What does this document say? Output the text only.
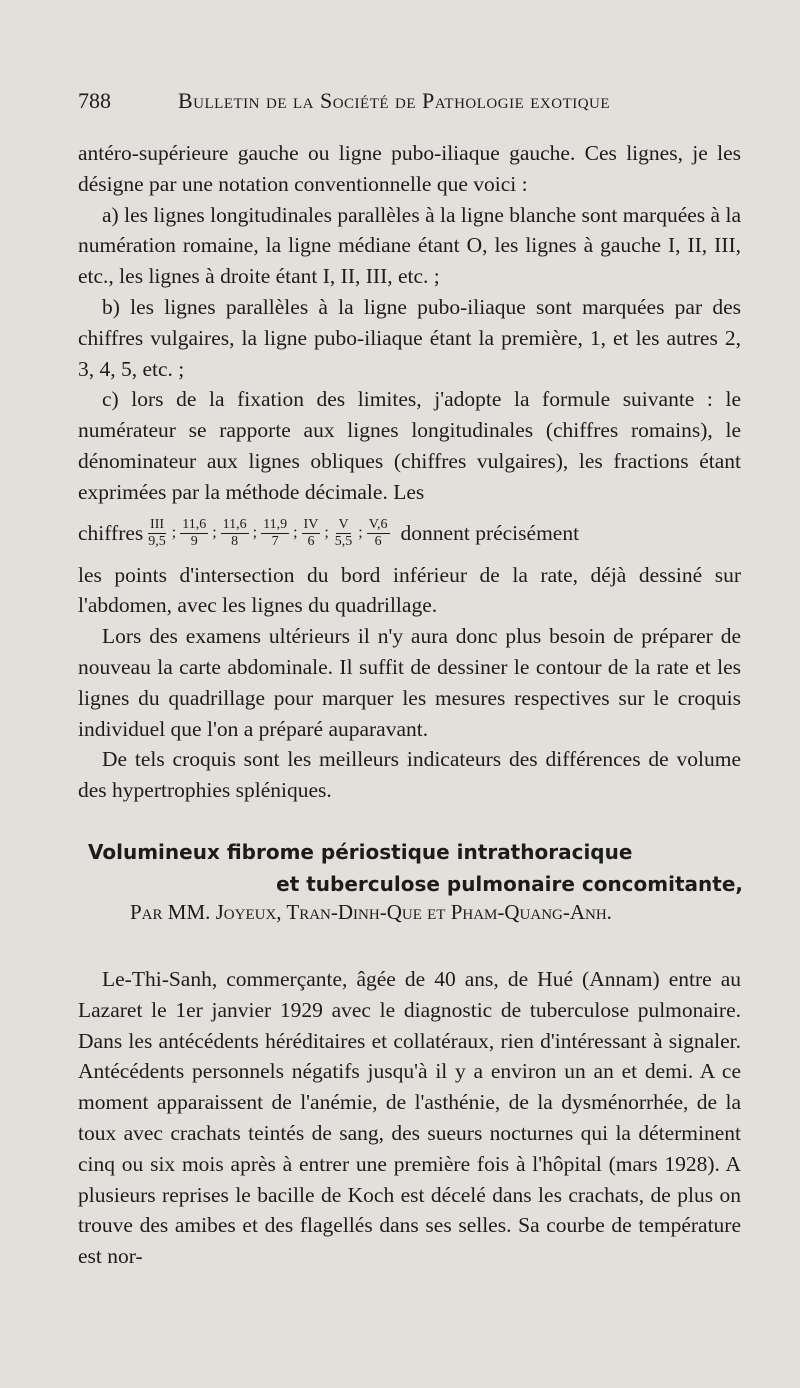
788	Bulletin de la Société de Pathologie exotique

antéro-supérieure gauche ou ligne pubo-iliaque gauche. Ces lignes, je les désigne par une notation conventionnelle que voici :

a) les lignes longitudinales parallèles à la ligne blanche sont marquées à la numération romaine, la ligne médiane étant O, les lignes à gauche I, II, III, etc., les lignes à droite étant I, II, III, etc. ;

b) les lignes parallèles à la ligne pubo-iliaque sont marquées par des chiffres vulgaires, la ligne pubo-iliaque étant la première, 1, et les autres 2, 3, 4, 5, etc. ;

c) lors de la fixation des limites, j'adopte la formule suivante : le numérateur se rapporte aux lignes longitudinales (chiffres romains), le dénominateur aux lignes obliques (chiffres vulgaires), les fractions étant exprimées par la méthode décimale. Les

chiffres $\frac{\text{III}}{9,5}$ ; $\frac{11,6}{9}$ ; $\frac{11,6}{8}$ ; $\frac{11,9}{7}$ ; $\frac{IV}{6}$ ; $\frac{V}{5,5}$ ; $\frac{V,6}{6}$ donnent précisément

les points d'intersection du bord inférieur de la rate, déjà dessiné sur l'abdomen, avec les lignes du quadrillage.

Lors des examens ultérieurs il n'y aura donc plus besoin de préparer de nouveau la carte abdominale. Il suffit de dessiner le contour de la rate et les lignes du quadrillage pour marquer les mesures respectives sur le croquis individuel que l'on a préparé auparavant.

De tels croquis sont les meilleurs indicateurs des différences de volume des hypertrophies spléniques.

Volumineux fibrome périostique intrathoracique
et tuberculose pulmonaire concomitante,
Par MM. Joyeux, Tran-Dinh-Que et Pham-Quang-Anh.

Le-Thi-Sanh, commerçante, âgée de 40 ans, de Hué (Annam) entre au Lazaret le 1er janvier 1929 avec le diagnostic de tuberculose pulmonaire. Dans les antécédents héréditaires et collatéraux, rien d'intéressant à signaler. Antécédents personnels négatifs jusqu'à il y a environ un an et demi. A ce moment apparaissent de l'anémie, de l'asthénie, de la dysménorrhée, de la toux avec crachats teintés de sang, des sueurs nocturnes qui la déterminent cinq ou six mois après à entrer une première fois à l'hôpital (mars 1928). A plusieurs reprises le bacille de Koch est décelé dans les crachats, de plus on trouve des amibes et des flagellés dans ses selles. Sa courbe de température est nor-
